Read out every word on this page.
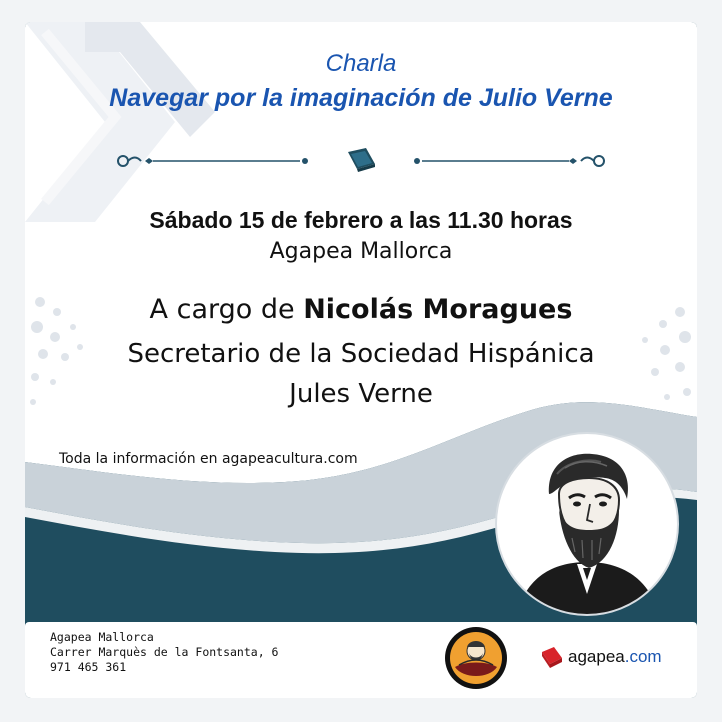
Charla

Navegar por la imaginación de Julio Verne

Sábado 15 de febrero a las 11.30 horas

Agapea Mallorca

A cargo de Nicolás Moragues

Secretario de la Sociedad Hispánica

Jules Verne

Toda la información en agapeacultura.com
Agapea Mallorca
Carrer Marquès de la Fontsanta, 6
971 465 361
agapea.com
